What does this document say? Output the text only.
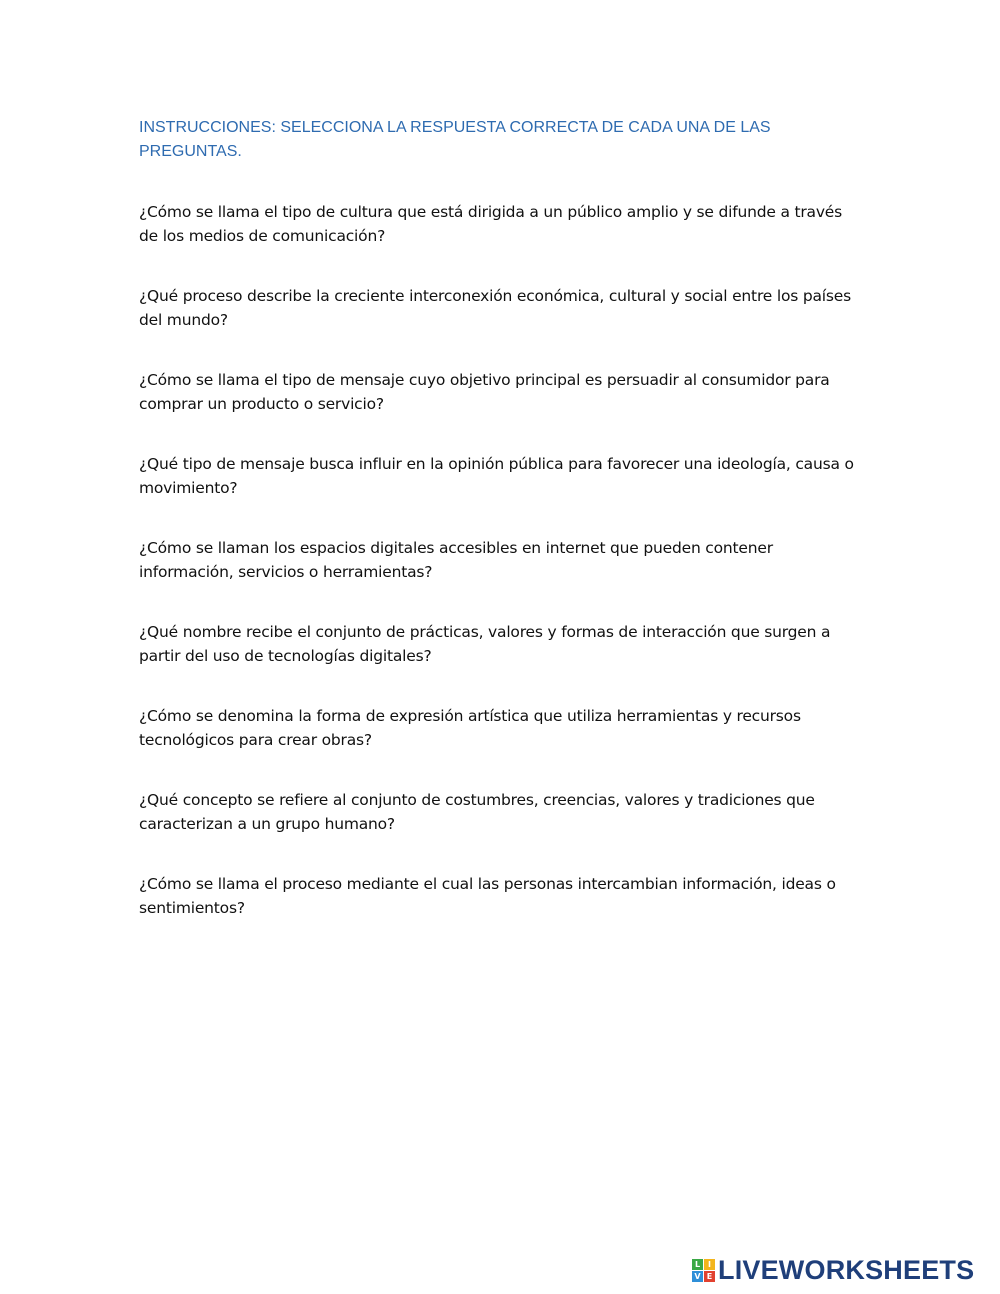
INSTRUCCIONES: SELECCIONA LA RESPUESTA CORRECTA DE CADA UNA DE LAS PREGUNTAS.

¿Cómo se llama el tipo de cultura que está dirigida a un público amplio y se difunde a través de los medios de comunicación?
¿Qué proceso describe la creciente interconexión económica, cultural y social entre los países del mundo?
¿Cómo se llama el tipo de mensaje cuyo objetivo principal es persuadir al consumidor para comprar un producto o servicio?
¿Qué tipo de mensaje busca influir en la opinión pública para favorecer una ideología, causa o movimiento?
¿Cómo se llaman los espacios digitales accesibles en internet que pueden contener información, servicios o herramientas?
¿Qué nombre recibe el conjunto de prácticas, valores y formas de interacción que surgen a partir del uso de tecnologías digitales?
¿Cómo se denomina la forma de expresión artística que utiliza herramientas y recursos tecnológicos para crear obras?
¿Qué concepto se refiere al conjunto de costumbres, creencias, valores y tradiciones que caracterizan a un grupo humano?
¿Cómo se llama el proceso mediante el cual las personas intercambian información, ideas o sentimientos?
L I
V E LIVEWORKSHEETS
